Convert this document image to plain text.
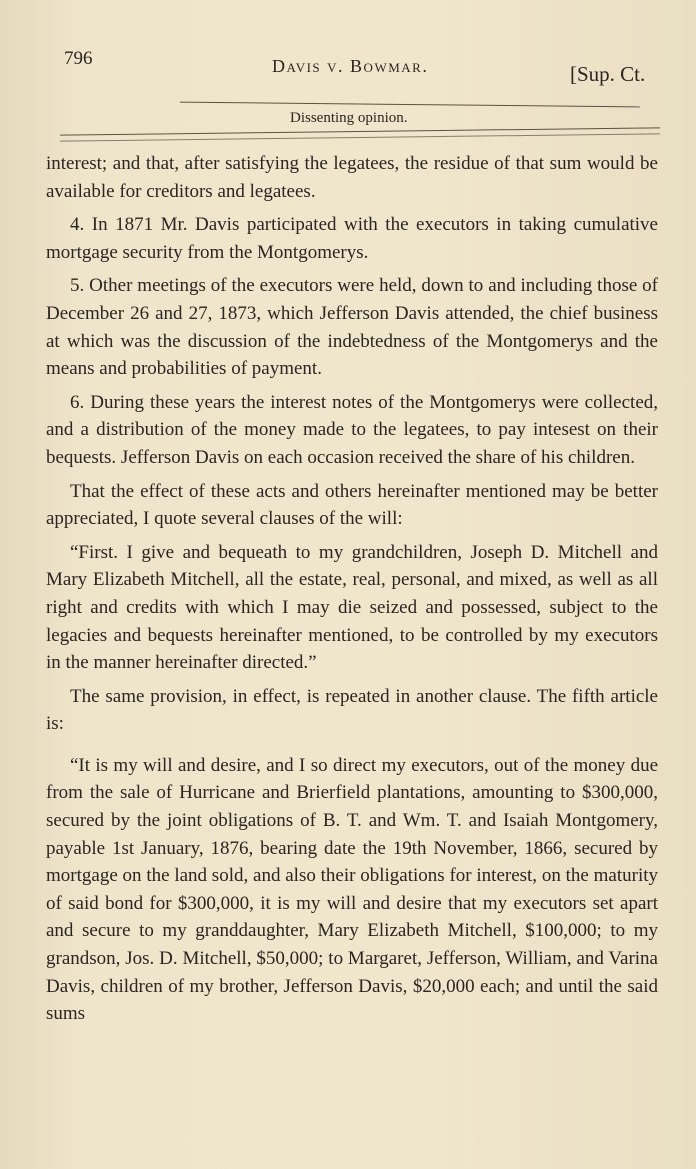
796	Davis v. Bowmar.	[Sup. Ct.
Dissenting opinion.

interest; and that, after satisfying the legatees, the residue of that sum would be available for creditors and legatees.

4. In 1871 Mr. Davis participated with the executors in taking cumulative mortgage security from the Montgomerys.

5. Other meetings of the executors were held, down to and including those of December 26 and 27, 1873, which Jefferson Davis attended, the chief business at which was the discussion of the indebtedness of the Montgomerys and the means and probabilities of payment.

6. During these years the interest notes of the Montgomerys were collected, and a distribution of the money made to the legatees, to pay intesest on their bequests. Jefferson Davis on each occasion received the share of his children.

That the effect of these acts and others hereinafter mentioned may be better appreciated, I quote several clauses of the will:

“First. I give and bequeath to my grandchildren, Joseph D. Mitchell and Mary Elizabeth Mitchell, all the estate, real, personal, and mixed, as well as all right and credits with which I may die seized and possessed, subject to the legacies and bequests hereinafter mentioned, to be controlled by my executors in the manner hereinafter directed.”

The same provision, in effect, is repeated in another clause. The fifth article is:

“It is my will and desire, and I so direct my executors, out of the money due from the sale of Hurricane and Brierfield plantations, amounting to $300,000, secured by the joint obligations of B. T. and Wm. T. and Isaiah Montgomery, payable 1st January, 1876, bearing date the 19th November, 1866, secured by mortgage on the land sold, and also their obligations for interest, on the maturity of said bond for $300,000, it is my will and desire that my executors set apart and secure to my granddaughter, Mary Elizabeth Mitchell, $100,000; to my grandson, Jos. D. Mitchell, $50,000; to Margaret, Jefferson, William, and Varina Davis, children of my brother, Jefferson Davis, $20,000 each; and until the said sums
